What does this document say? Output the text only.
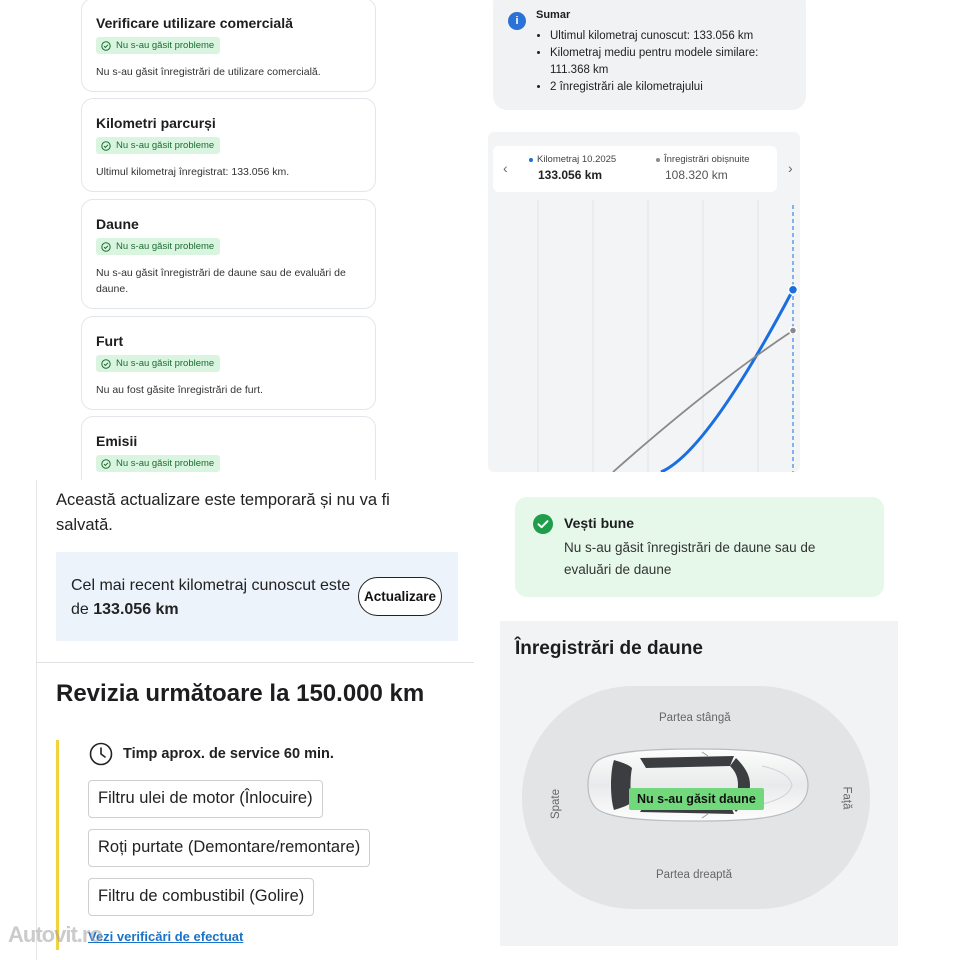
Verificare utilizare comercială
Nu s-au găsit probleme
Nu s-au găsit înregistrări de utilizare comercială.
Kilometri parcurși
Nu s-au găsit probleme
Ultimul kilometraj înregistrat: 133.056 km.
Daune
Nu s-au găsit probleme
Nu s-au găsit înregistrări de daune sau de evaluări de daune.
Furt
Nu s-au găsit probleme
Nu au fost găsite înregistrări de furt.
Emisii
Nu s-au găsit probleme
i	Sumar
• Ultimul kilometraj cunoscut: 133.056 km
• Kilometraj mediu pentru modele similare: 111.368 km
• 2 înregistrări ale kilometrajului
‹
Kilometraj 10.2025
133.056 km
Înregistrări obișnuite
108.320 km	›
Această actualizare este temporară și nu va fi salvată.
Cel mai recent kilometraj cunoscut este de 133.056 km
Actualizare
Revizia următoare la 150.000 km
Timp aprox. de service 60 min.
Filtru ulei de motor (Înlocuire)
Roți purtate (Demontare/remontare)
Filtru de combustibil (Golire)
Vezi verificări de efectuat
Autovit.ro
Vești bune
Nu s-au găsit înregistrări de daune sau de evaluări de daune
Înregistrări de daune
Partea stângă
Partea dreaptă
Spate	Față
Nu s-au găsit daune
